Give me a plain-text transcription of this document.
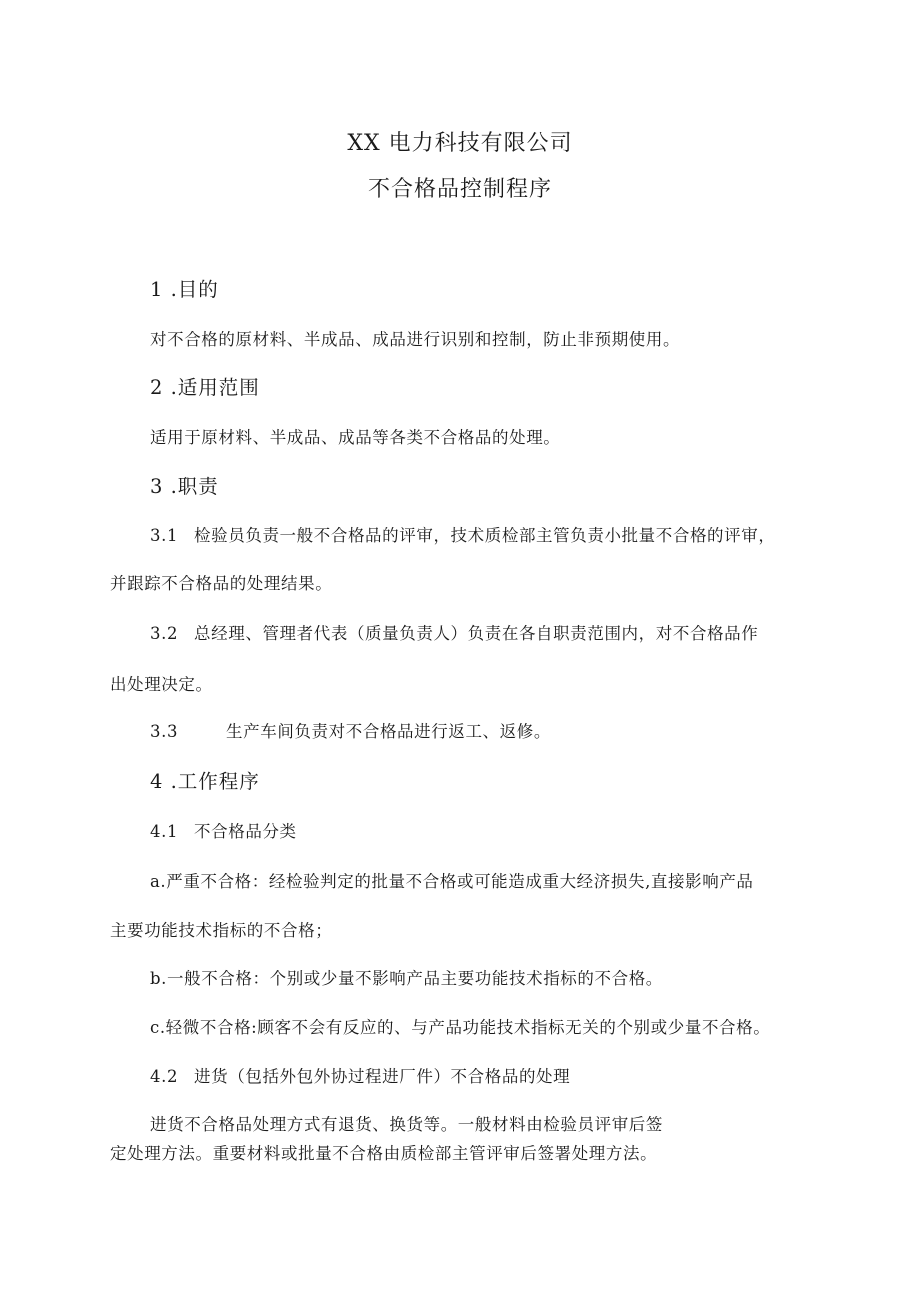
XX 电力科技有限公司
不合格品控制程序
1 .目的
对不合格的原材料、半成品、成品进行识别和控制，防止非预期使用。
2 .适用范围
适用于原材料、半成品、成品等各类不合格品的处理。
3 .职责
3.1 检验员负责一般不合格品的评审，技术质检部主管负责小批量不合格的评审，
并跟踪不合格品的处理结果。
3.2 总经理、管理者代表（质量负责人）负责在各自职责范围内，对不合格品作
出处理决定。
3.3	生产车间负责对不合格品进行返工、返修。
4 .工作程序
4.1 不合格品分类
a.严重不合格：经检验判定的批量不合格或可能造成重大经济损失,直接影响产品
主要功能技术指标的不合格；
b.一般不合格：个别或少量不影响产品主要功能技术指标的不合格。
c.轻微不合格:顾客不会有反应的、与产品功能技术指标无关的个别或少量不合格。
4.2 进货（包括外包外协过程进厂件）不合格品的处理
进货不合格品处理方式有退货、换货等。一般材料由检验员评审后签
定处理方法。重要材料或批量不合格由质检部主管评审后签署处理方法。
